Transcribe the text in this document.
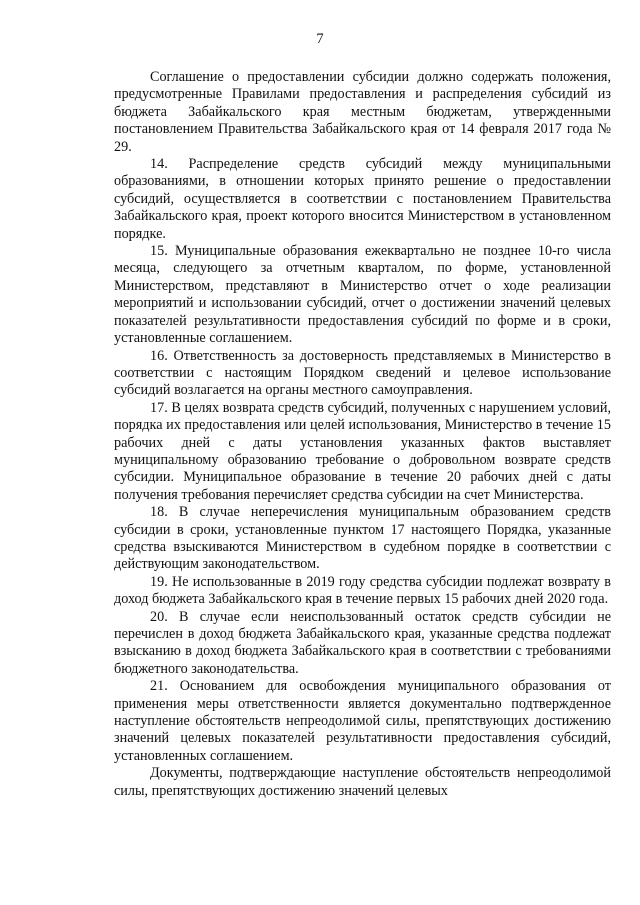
7

Соглашение о предоставлении субсидии должно содержать положения, предусмотренные Правилами предоставления и распределения субсидий из бюджета Забайкальского края местным бюджетам, утвержденными постановлением Правительства Забайкальского края от 14 февраля 2017 года № 29.

14. Распределение средств субсидий между муниципальными образованиями, в отношении которых принято решение о предоставлении субсидий, осуществляется в соответствии с постановлением Правительства Забайкальского края, проект которого вносится Министерством в установленном порядке.

15. Муниципальные образования ежеквартально не позднее 10-го числа месяца, следующего за отчетным кварталом, по форме, установленной Министерством, представляют в Министерство отчет о ходе реализации мероприятий и использовании субсидий, отчет о достижении значений целевых показателей результативности предоставления субсидий по форме и в сроки, установленные соглашением.

16. Ответственность за достоверность представляемых в Министерство в соответствии с настоящим Порядком сведений и целевое использование субсидий возлагается на органы местного самоуправления.

17. В целях возврата средств субсидий, полученных с нарушением условий, порядка их предоставления или целей использования, Министерство в течение 15 рабочих дней с даты установления указанных фактов выставляет муниципальному образованию требование о добровольном возврате средств субсидии. Муниципальное образование в течение 20 рабочих дней с даты получения требования перечисляет средства субсидии на счет Министерства.

18. В случае неперечисления муниципальным образованием средств субсидии в сроки, установленные пунктом 17 настоящего Порядка, указанные средства взыскиваются Министерством в судебном порядке в соответствии с действующим законодательством.

19. Не использованные в 2019 году средства субсидии подлежат возврату в доход бюджета Забайкальского края в течение первых 15 рабочих дней 2020 года.

20. В случае если неиспользованный остаток средств субсидии не перечислен в доход бюджета Забайкальского края, указанные средства подлежат взысканию в доход бюджета Забайкальского края в соответствии с требованиями бюджетного законодательства.

21. Основанием для освобождения муниципального образования от применения меры ответственности является документально подтвержденное наступление обстоятельств непреодолимой силы, препятствующих достижению значений целевых показателей результативности предоставления субсидий, установленных соглашением.

Документы, подтверждающие наступление обстоятельств непреодолимой силы, препятствующих достижению значений целевых
